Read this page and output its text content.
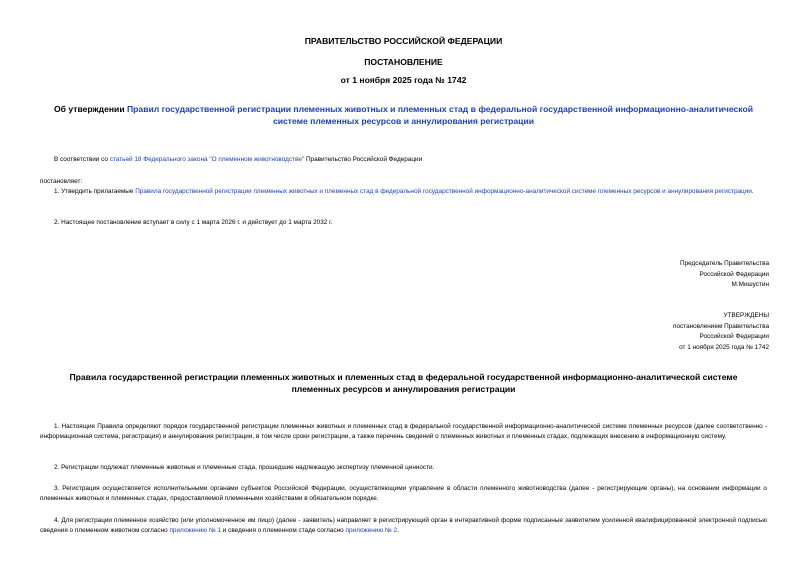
ПРАВИТЕЛЬСТВО РОССИЙСКОЙ ФЕДЕРАЦИИ
ПОСТАНОВЛЕНИЕ
от 1 ноября 2025 года № 1742
Об утверждении Правил государственной регистрации племенных животных и племенных стад в федеральной государственной информационно-аналитической системе племенных ресурсов и аннулирования регистрации
В соответствии со статьей 18 Федерального закона "О племенном животноводстве" Правительство Российской Федерации
постановляет:
1. Утвердить прилагаемые Правила государственной регистрации племенных животных и племенных стад в федеральной государственной информационно-аналитической системе племенных ресурсов и аннулирования регистрации.
2. Настоящее постановление вступает в силу с 1 марта 2026 г. и действует до 1 марта 2032 г.
Председатель Правительства
Российской Федерации
М.Мишустин
УТВЕРЖДЕНЫ
постановлением Правительства
Российской Федерации
от 1 ноября 2025 года № 1742
Правила государственной регистрации племенных животных и племенных стад в федеральной государственной информационно-аналитической системе племенных ресурсов и аннулирования регистрации
1. Настоящие Правила определяют порядок государственной регистрации племенных животных и племенных стад в федеральной государственной информационно-аналитической системе племенных ресурсов (далее соответственно - информационная система, регистрация) и аннулирования регистрации, в том числе сроки регистрации, а также перечень сведений о племенных животных и племенных стадах, подлежащих внесению в информационную систему.
2. Регистрации подлежат племенные животные и племенные стада, прошедшие надлежащую экспертизу племенной ценности.
3. Регистрация осуществляется исполнительными органами субъектов Российской Федерации, осуществляющими управление в области племенного животноводства (далее - регистрирующие органы), на основании информации о племенных животных и племенных стадах, предоставляемой племенными хозяйствами в обязательном порядке.
4. Для регистрации племенное хозяйство (или уполномоченное им лицо) (далее - заявитель) направляет в регистрирующий орган в интерактивной форме подписанные заявителем усиленной квалифицированной электронной подписью сведения о племенном животном согласно приложению № 1 и сведения о племенном стаде согласно приложению № 2.
